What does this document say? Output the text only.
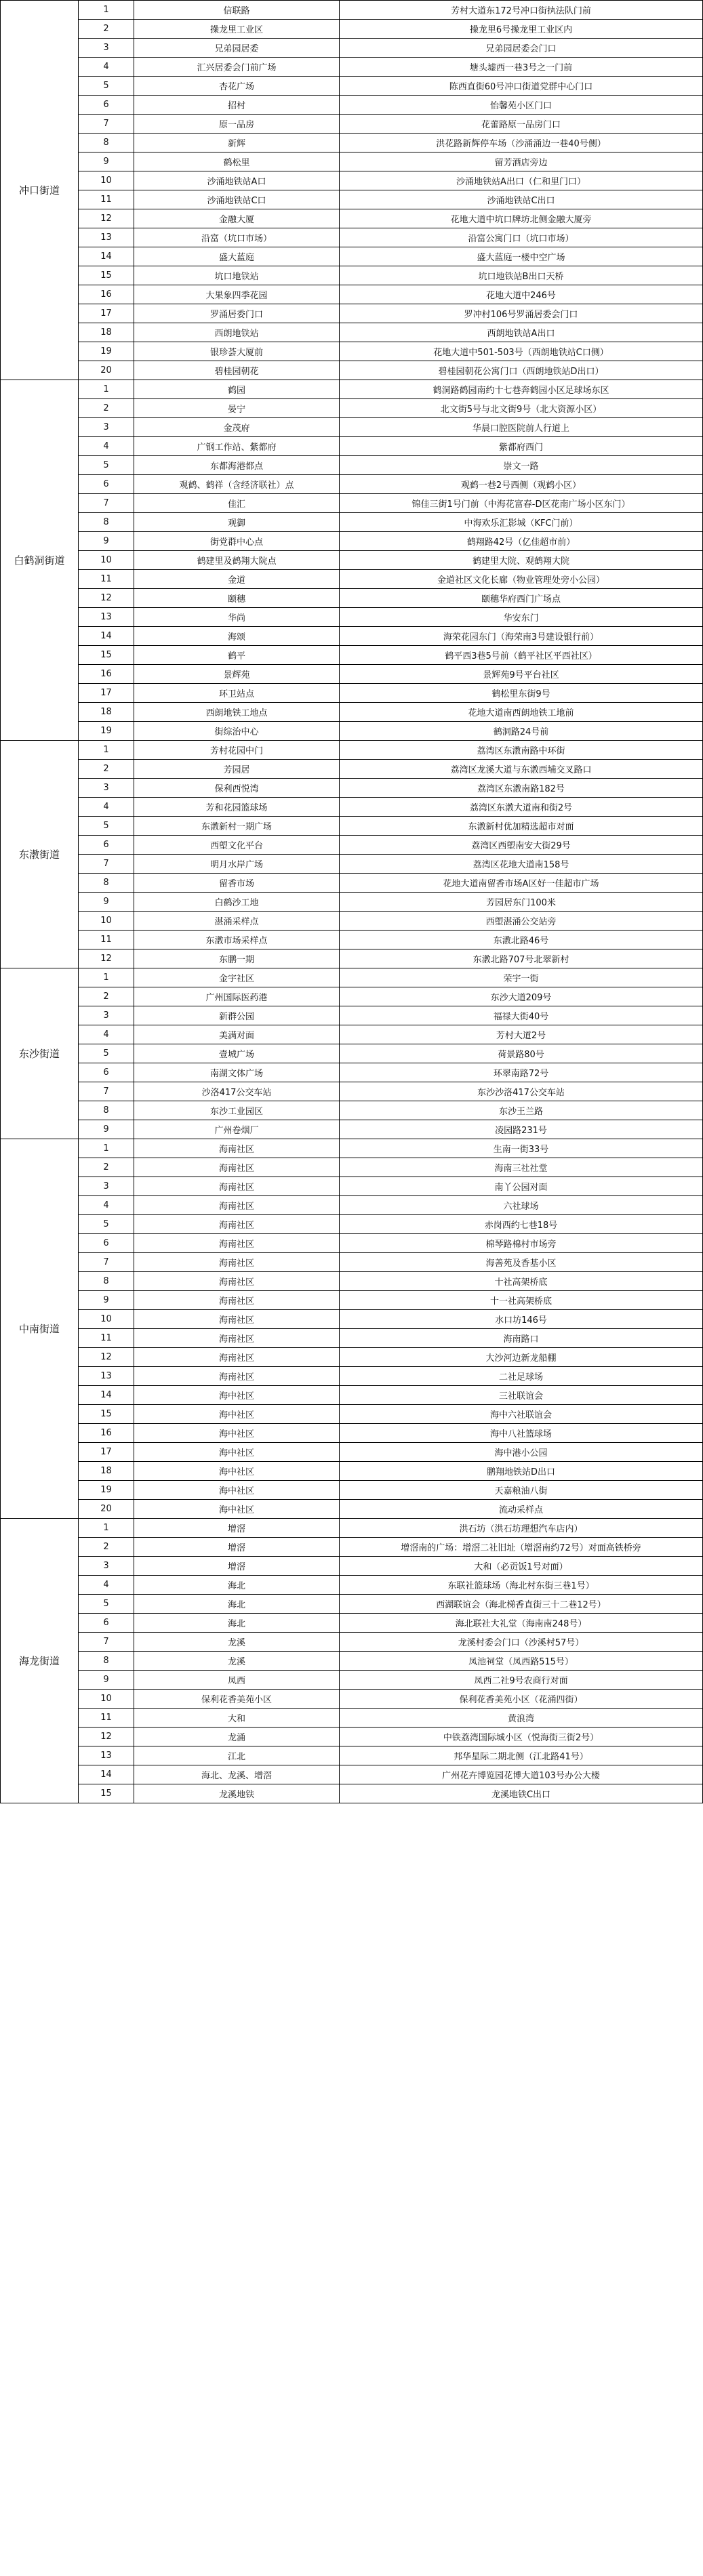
冲口街道	1	信联路	芳村大道东172号冲口街执法队门前
	2	操龙里工业区	操龙里6号操龙里工业区内
	3	兄弟园居委	兄弟园居委会门口
	4	汇兴居委会门前广场	塘头墟西一巷3号之一门前
	5	杏花广场	陈西直街60号冲口街道党群中心门口
	6	招村	怡馨苑小区门口
	7	原一品房	花蕾路原一品房门口
	8	新辉	洪花路新辉停车场（沙涌涌边一巷40号侧）
	9	鹤松里	留芳酒店旁边
	10	沙涌地铁站A口	沙涌地铁站A出口（仁和里门口）
	11	沙涌地铁站C口	沙涌地铁站C出口
	12	金融大厦	花地大道中坑口牌坊北侧金融大厦旁
	13	沿富（坑口市场）	沿富公寓门口（坑口市场）
	14	盛大蓝庭	盛大蓝庭一楼中空广场
	15	坑口地铁站	坑口地铁站B出口天桥
	16	大果象四季花园	花地大道中246号
	17	罗涌居委门口	罗冲村106号罗涌居委会门口
	18	西朗地铁站	西朗地铁站A出口
	19	银珍荟大厦前	花地大道中501-503号（西朗地铁站C口侧）
	20	碧桂园朝花	碧桂园朝花公寓门口（西朗地铁站D出口）
白鹤洞街道	1	鹤园	鹤洞路鹤园南约十七巷奔鹤园小区足球场东区
	2	晏宁	北文街5号与北文街9号（北大资源小区）
	3	金茂府	华晨口腔医院前人行道上
	4	广钢工作站、紫都府	紫都府西门
	5	东都海港都点	崇文一路
	6	观鹤、鹤祥（含经济联社）点	观鹤一巷2号西侧（观鹤小区）
	7	佳汇	锦佳三街1号门前（中海花富春-D区花南广场小区东门）
	8	观御	中海欢乐汇影城（KFC门前）
	9	街党群中心点	鹤翔路42号（亿佳超市前）
	10	鹤建里及鹤翔大院点	鹤建里大院、观鹤翔大院
	11	金道	金道社区文化长廊（物业管理处旁小公园）
	12	颐穗	颐穗华府西门广场点
	13	华尚	华安东门
	14	海颂	海荣花园东门（海荣南3号建设银行前）
	15	鹤平	鹤平西3巷5号前（鹤平社区平西社区）
	16	景辉苑	景辉苑9号平台社区
	17	环卫站点	鹤松里东街9号
	18	西朗地铁工地点	花地大道南西朗地铁工地前
	19	街综治中心	鹤洞路24号前
东漖街道	1	芳村花园中门	荔湾区东漖南路中环街
	2	芳园居	荔湾区龙溪大道与东漖西埔交叉路口
	3	保利西悦湾	荔湾区东漖南路182号
	4	芳和花园篮球场	荔湾区东漖大道南和街2号
	5	东漖新村一期广场	东漖新村优加精选超市对面
	6	西塱文化平台	荔湾区西塱南安大街29号
	7	明月水岸广场	荔湾区花地大道南158号
	8	留香市场	花地大道南留香市场A区好一佳超市广场
	9	白鹤沙工地	芳园居东门100米
	10	湛涌采样点	西塱湛涌公交站旁
	11	东漖市场采样点	东漖北路46号
	12	东鹏一期	东漖北路707号北翠新村
东沙街道	1	金宇社区	荣宇一街
	2	广州国际医药港	东沙大道209号
	3	新群公园	福禄大街40号
	4	美满对面	芳村大道2号
	5	壹城广场	荷景路80号
	6	南湖文体广场	环翠南路72号
	7	沙洛417公交车站	东沙沙洛417公交车站
	8	东沙工业园区	东沙王兰路
	9	广州卷烟厂	凌园路231号
中南街道	1	海南社区	生南一街33号
	2	海南社区	海南三社社堂
	3	海南社区	南丫公园对面
	4	海南社区	六社球场
	5	海南社区	赤岗西约七巷18号
	6	海南社区	棉琴路棉村市场旁
	7	海南社区	海善苑及香基小区
	8	海南社区	十社高架桥底
	9	海南社区	十一社高架桥底
	10	海南社区	水口坊146号
	11	海南社区	海南路口
	12	海南社区	大沙河边新龙船棚
	13	海南社区	二社足球场
	14	海中社区	三社联谊会
	15	海中社区	海中六社联谊会
	16	海中社区	海中八社篮球场
	17	海中社区	海中港小公园
	18	海中社区	鹏翔地铁站D出口
	19	海中社区	天嘉粮油八街
	20	海中社区	流动采样点
海龙街道	1	增滘	洪石坊（洪石坊理想汽车店内）
	2	增滘	增滘南的广场：增滘二社旧址（增滘南约72号）对面高铁桥旁
	3	增滘	大和（必贡饭1号对面）
	4	海北	东联社篮球场（海北村东街三巷1号）
	5	海北	西湖联谊会（海北梯香直街三十二巷12号）
	6	海北	海北联社大礼堂（海南南248号）
	7	龙溪	龙溪村委会门口（沙溪村57号）
	8	龙溪	凤池祠堂（凤西路515号）
	9	凤西	凤西二社9号农商行对面
	10	保利花香美苑小区	保利花香美苑小区（花涌四街）
	11	大和	黄浪湾
	12	龙涌	中铁荔湾国际城小区（悦海街三街2号）
	13	江北	邦华星际二期北侧（江北路41号）
	14	海北、龙溪、增滘	广州花卉博览园花博大道103号办公大楼
	15	龙溪地铁	龙溪地铁C出口
